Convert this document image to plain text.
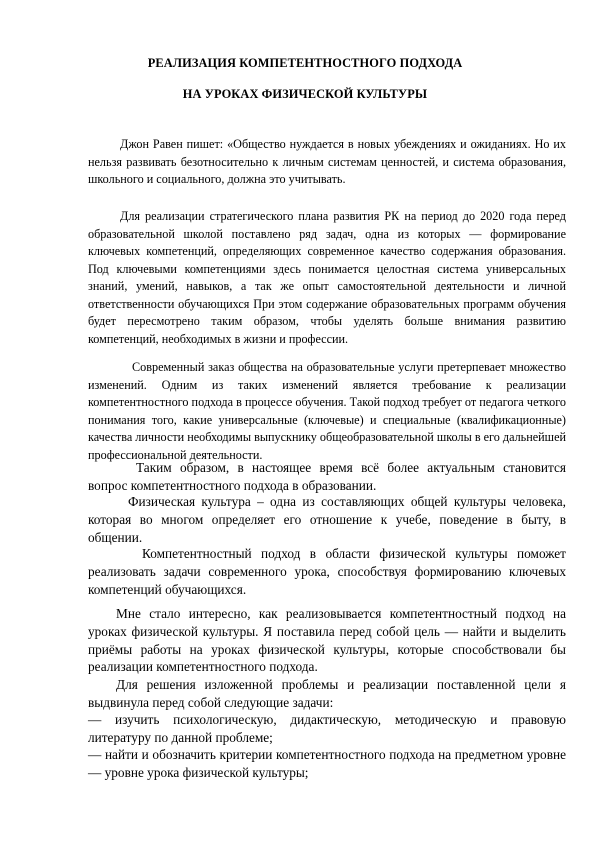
РЕАЛИЗАЦИЯ КОМПЕТЕНТНОСТНОГО ПОДХОДА
НА УРОКАХ ФИЗИЧЕСКОЙ КУЛЬТУРЫ
Джон Равен пишет: «Общество нуждается в новых убеждениях и ожиданиях. Но их нельзя развивать безотносительно к личным системам ценностей, и система образования, школьного и социального, должна это учитывать.
Для реализации стратегического плана развития РК на период до 2020 года перед образовательной школой поставлено ряд задач, одна из которых — формирование ключевых компетенций, определяющих современное качество содержания образования. Под ключевыми компетенциями здесь понимается целостная система универсальных знаний, умений, навыков, а так же опыт самостоятельной деятельности и личной ответственности обучающихся При этом содержание образовательных программ обучения будет пересмотрено таким образом, чтобы уделять больше внимания развитию компетенций, необходимых в жизни и профессии.
Современный заказ общества на образовательные услуги претерпевает множество изменений. Одним из таких изменений является требование к реализации компетентностного подхода в процессе обучения. Такой подход требует от педагога четкого понимания того, какие универсальные (ключевые) и специальные (квалификационные) качества личности необходимы выпускнику общеобразовательной школы в его дальнейшей профессиональной деятельности.
Таким образом, в настоящее время всё более актуальным становится вопрос компетентностного подхода в образовании.
Физическая культура – одна из составляющих общей культуры человека, которая во многом определяет его отношение к учебе, поведение в быту, в общении.
Компетентностный подход в области физической культуры поможет реализовать задачи современного урока, способствуя формированию ключевых компетенций обучающихся.
Мне стало интересно, как реализовывается компетентностный подход на уроках физической культуры. Я поставила перед собой цель — найти и выделить приёмы работы на уроках физической культуры, которые способствовали бы реализации компетентностного подхода.
Для решения изложенной проблемы и реализации поставленной цели я выдвинула перед собой следующие задачи:
— изучить психологическую, дидактическую, методическую и правовую литературу по данной проблеме;
— найти и обозначить критерии компетентностного подхода на предметном уровне — уровне урока физической культуры;
